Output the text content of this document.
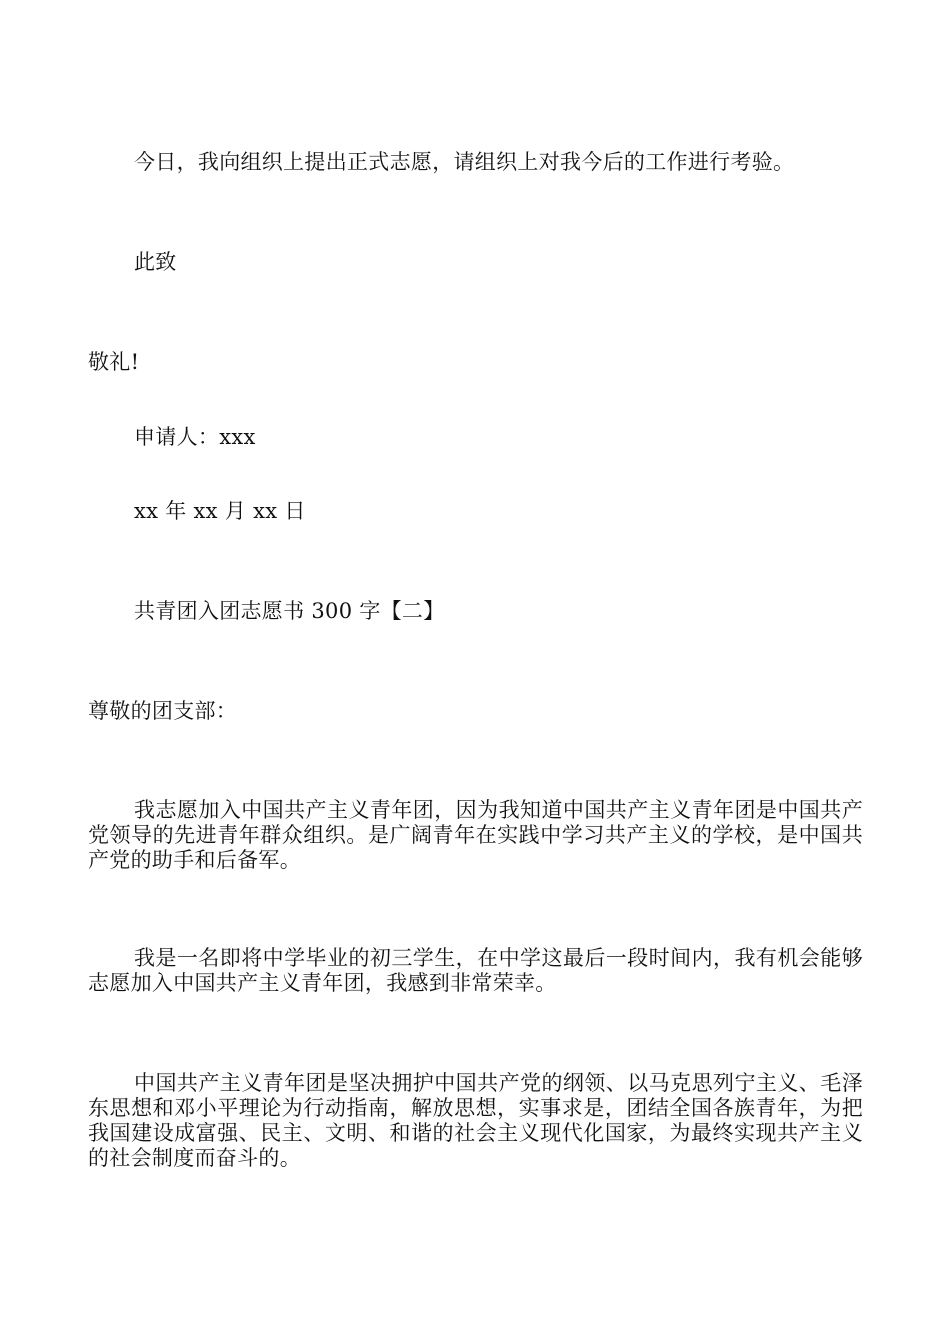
今日，我向组织上提出正式志愿，请组织上对我今后的工作进行考验。
此致
敬礼!
申请人：xxx
xx 年 xx 月 xx 日
共青团入团志愿书 300 字【二】
尊敬的团支部：
我志愿加入中国共产主义青年团，因为我知道中国共产主义青年团是中国共产党领导的先进青年群众组织。是广阔青年在实践中学习共产主义的学校，是中国共产党的助手和后备军。
我是一名即将中学毕业的初三学生，在中学这最后一段时间内，我有机会能够志愿加入中国共产主义青年团，我感到非常荣幸。
中国共产主义青年团是坚决拥护中国共产党的纲领、以马克思列宁主义、毛泽东思想和邓小平理论为行动指南，解放思想，实事求是，团结全国各族青年，为把我国建设成富强、民主、文明、和谐的社会主义现代化国家，为最终实现共产主义的社会制度而奋斗的。
